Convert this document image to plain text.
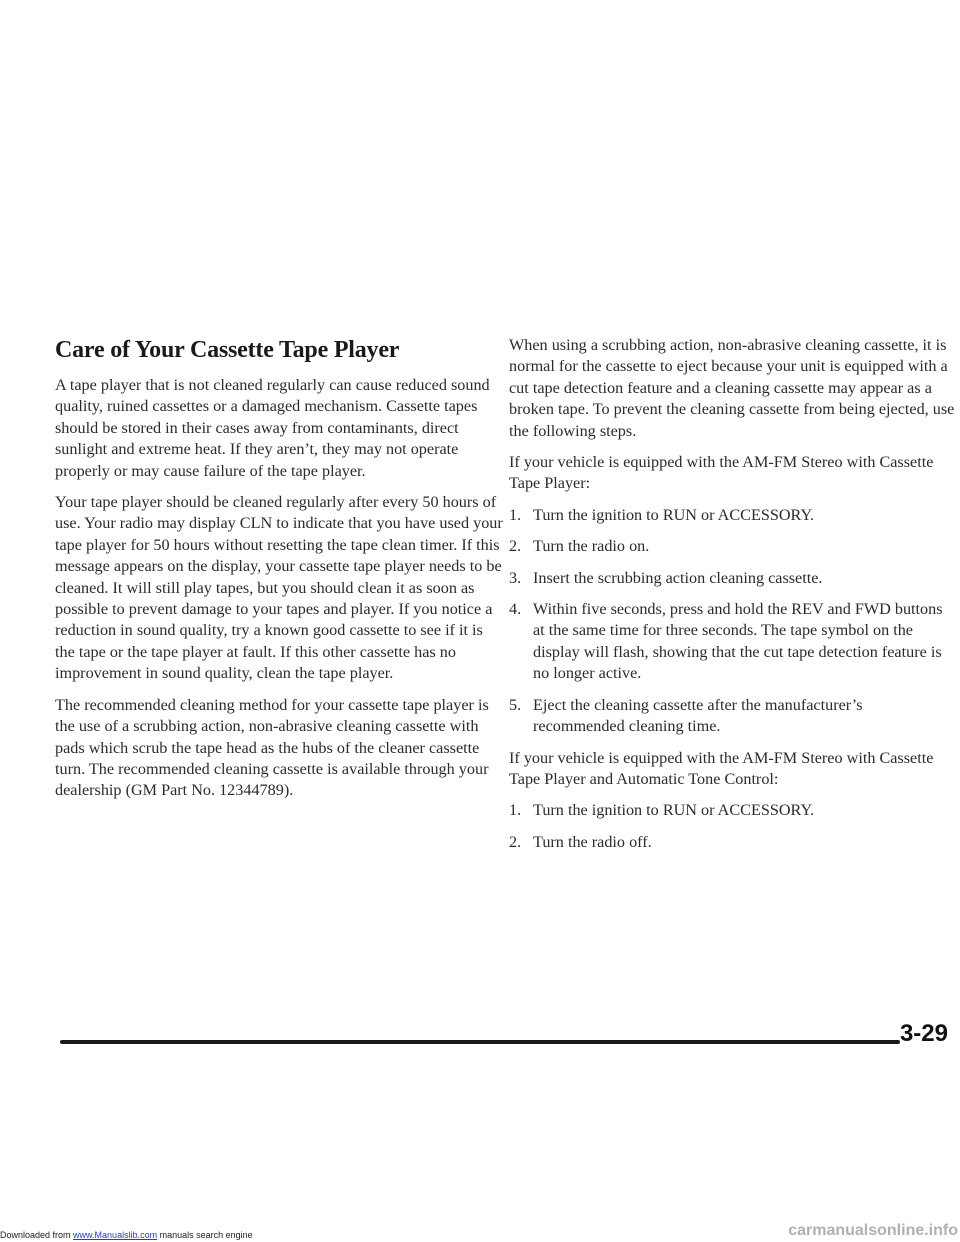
Care of Your Cassette Tape Player

A tape player that is not cleaned regularly can cause reduced sound quality, ruined cassettes or a damaged mechanism. Cassette tapes should be stored in their cases away from contaminants, direct sunlight and extreme heat. If they aren’t, they may not operate properly or may cause failure of the tape player.

Your tape player should be cleaned regularly after every 50 hours of use. Your radio may display CLN to indicate that you have used your tape player for 50 hours without resetting the tape clean timer. If this message appears on the display, your cassette tape player needs to be cleaned. It will still play tapes, but you should clean it as soon as possible to prevent damage to your tapes and player. If you notice a reduction in sound quality, try a known good cassette to see if it is the tape or the tape player at fault. If this other cassette has no improvement in sound quality, clean the tape player.

The recommended cleaning method for your cassette tape player is the use of a scrubbing action, non-abrasive cleaning cassette with pads which scrub the tape head as the hubs of the cleaner cassette turn. The recommended cleaning cassette is available through your dealership (GM Part No. 12344789).

When using a scrubbing action, non-abrasive cleaning cassette, it is normal for the cassette to eject because your unit is equipped with a cut tape detection feature and a cleaning cassette may appear as a broken tape. To prevent the cleaning cassette from being ejected, use the following steps.

If your vehicle is equipped with the AM-FM Stereo with Cassette Tape Player:

1. Turn the ignition to RUN or ACCESSORY.
2. Turn the radio on.
3. Insert the scrubbing action cleaning cassette.
4. Within five seconds, press and hold the REV and FWD buttons at the same time for three seconds. The tape symbol on the display will flash, showing that the cut tape detection feature is no longer active.
5. Eject the cleaning cassette after the manufacturer’s recommended cleaning time.

If your vehicle is equipped with the AM-FM Stereo with Cassette Tape Player and Automatic Tone Control:

1. Turn the ignition to RUN or ACCESSORY.
2. Turn the radio off.
3-29
Downloaded from www.Manualslib.com manuals search engine	carmanualsonline.info
